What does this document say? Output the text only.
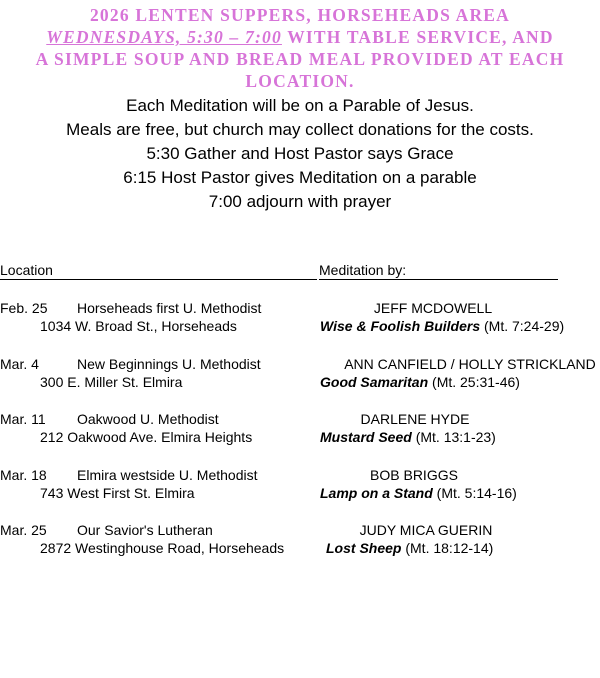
2026 LENTEN SUPPERS, HORSEHEADS AREA
WEDNESDAYS, 5:30 – 7:00 WITH TABLE SERVICE, AND
A SIMPLE SOUP AND BREAD MEAL PROVIDED AT EACH
LOCATION.
Each Meditation will be on a Parable of Jesus.
Meals are free, but church may collect donations for the costs.
5:30 Gather and Host Pastor says Grace
6:15 Host Pastor gives Meditation on a parable
7:00 adjourn with prayer
Location	Meditation by:
Feb. 25 Horseheads first U. Methodist
1034 W. Broad St., Horseheads
JEFF MCDOWELL
Wise & Foolish Builders (Mt. 7:24-29)
Mar. 4	New Beginnings U. Methodist
300 E. Miller St. Elmira
ANN CANFIELD / HOLLY STRICKLAND
Good Samaritan (Mt. 25:31-46)
Mar. 11 Oakwood U. Methodist
212 Oakwood Ave. Elmira Heights
DARLENE HYDE
Mustard Seed (Mt. 13:1-23)
Mar. 18 Elmira westside U. Methodist
743 West First St. Elmira
BOB BRIGGS
Lamp on a Stand (Mt. 5:14-16)
Mar. 25 Our Savior's Lutheran
2872 Westinghouse Road, Horseheads
JUDY MICA GUERIN
Lost Sheep (Mt. 18:12-14)
